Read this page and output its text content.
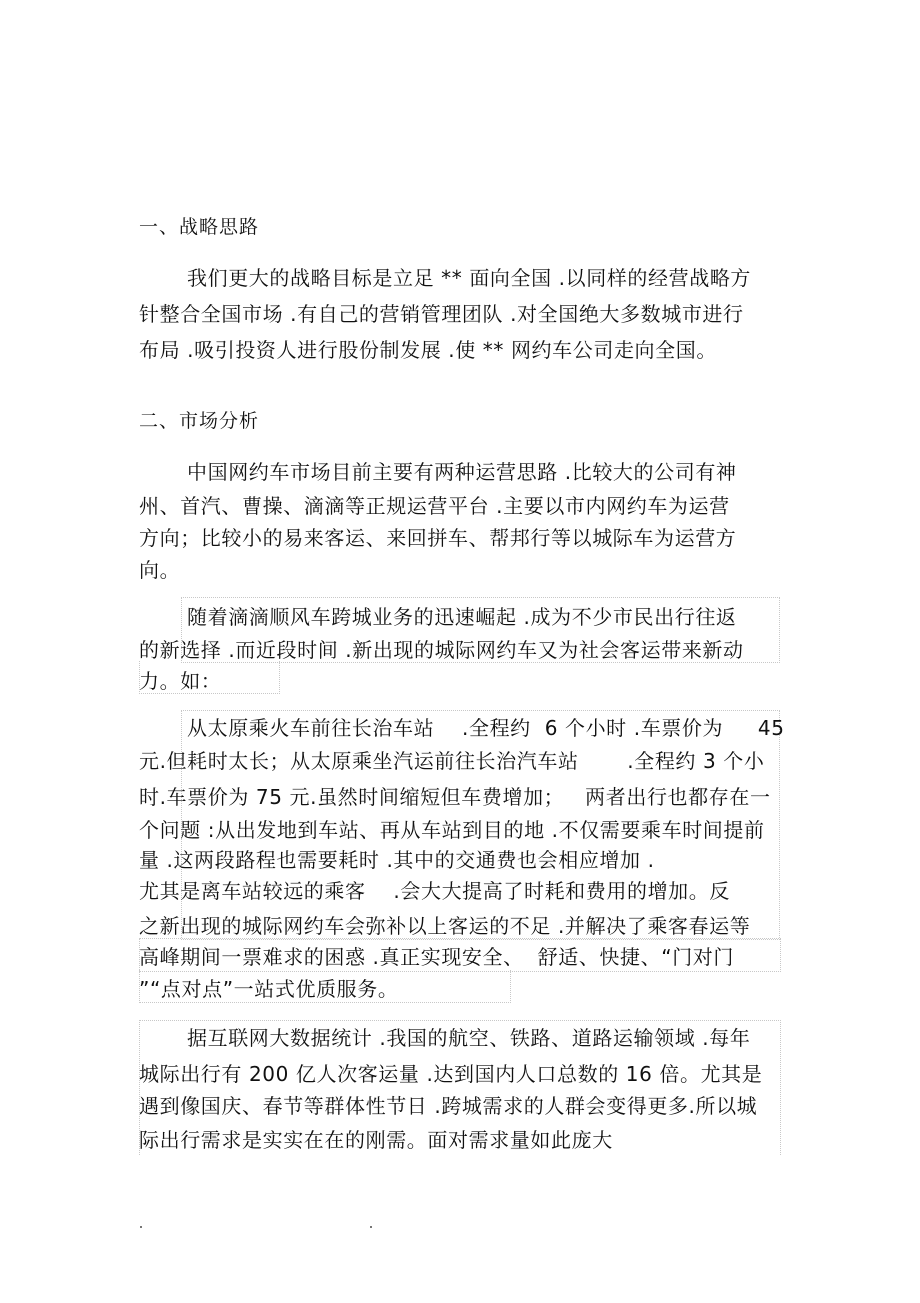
一、战略思路
我们更大的战略目标是立足 ** 面向全国 .以同样的经营战略方
针整合全国市场 .有自己的营销管理团队 .对全国绝大多数城市进行
布局 .吸引投资人进行股份制发展 .使 ** 网约车公司走向全国。
二、市场分析
中国网约车市场目前主要有两种运营思路 .比较大的公司有神
州、首汽、曹操、滴滴等正规运营平台 .主要以市内网约车为运营
方向；比较小的易来客运、来回拼车、帮邦行等以城际车为运营方
向。
随着滴滴顺风车跨城业务的迅速崛起 .成为不少市民出行往返
的新选择 .而近段时间 .新出现的城际网约车又为社会客运带来新动
力。如：
从太原乘火车前往长治车站    .全程约  6 个小时 .车票价为     45
元.但耗时太长；从太原乘坐汽运前往长治汽车站       .全程约 3 个小
时.车票价为 75 元.虽然时间缩短但车费增加；   两者出行也都存在一
个问题 :从出发地到车站、再从车站到目的地 .不仅需要乘车时间提前
量 .这两段路程也需要耗时 .其中的交通费也会相应增加 .
尤其是离车站较远的乘客    .会大大提高了时耗和费用的增加。反
之新出现的城际网约车会弥补以上客运的不足 .并解决了乘客春运等
高峰期间一票难求的困惑 .真正实现安全、  舒适、快捷、“门对门
”“点对点”一站式优质服务。
据互联网大数据统计 .我国的航空、铁路、道路运输领域 .每年
城际出行有 200 亿人次客运量 .达到国内人口总数的 16 倍。尤其是
遇到像国庆、春节等群体性节日 .跨城需求的人群会变得更多.所以城
际出行需求是实实在在的刚需。面对需求量如此庞大
